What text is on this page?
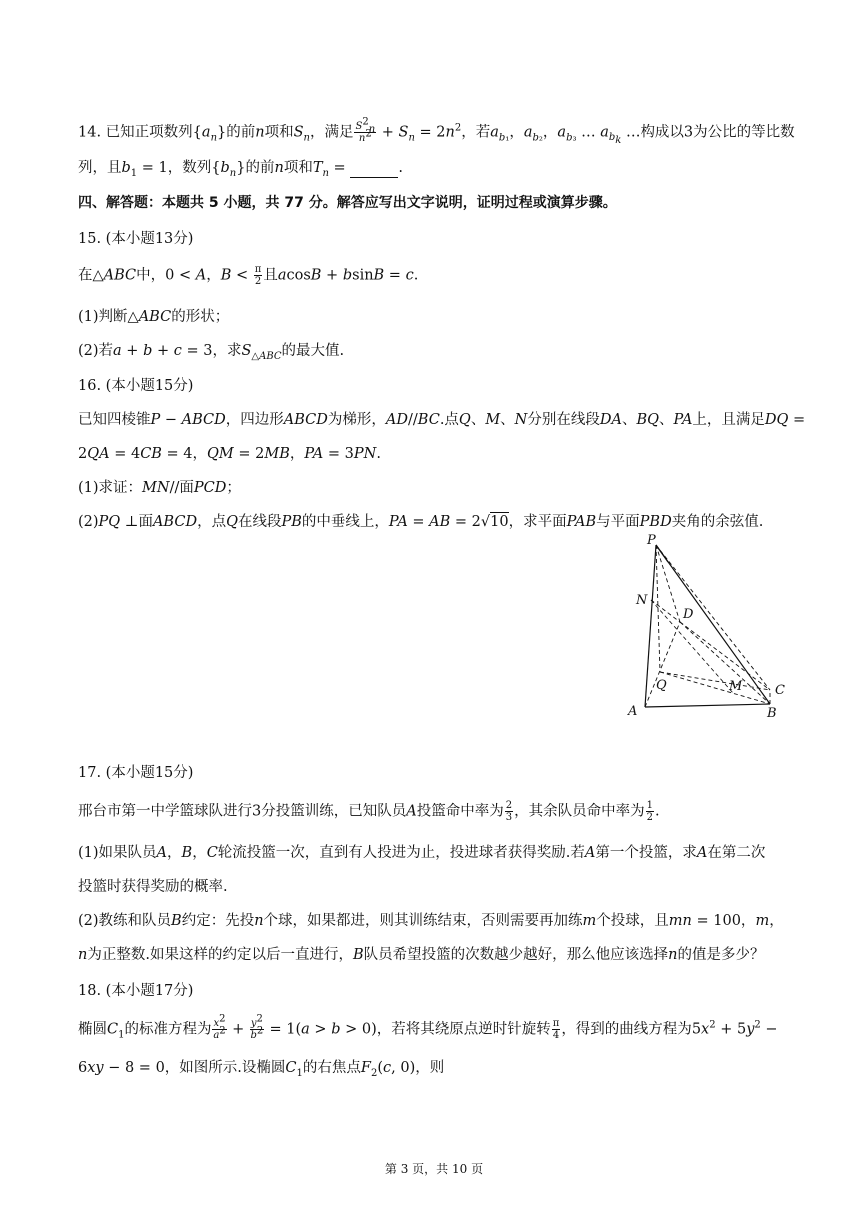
14. 已知正项数列$\{a_n\}$的前n项和$S_n$，满足 $\frac{S^2_n}{n^2} + S_n = 2n^2$，若$a_{b_1}$，$a_{b_2}$，$a_{b_3}$ … $a_{b_k}$ …构成以3为公比的等比数
列，且$b_1 = 1$，数列$\{b_n\}$的前n项和$T_n$ =	.
四、解答题：本题共 5 小题，共 77 分。解答应写出文字说明，证明过程或演算步骤。
15. (本小题13分)
在△ABC中，0 < A，$B < \frac{\pi}{2}$ 且acosB + bsinB = c.
(1)判断△ABC的形状；
(2)若a + b + c = 3，求$S_{\triangle ABC}$的最大值.
16. (本小题15分)
已知四棱锥P − ABCD，四边形ABCD为梯形，AD//BC.点Q、M、N分别在线段DA、BQ、PA上，且满足DQ =
2QA = 4CB = 4，QM = 2MB，PA = 3PN.
(1)求证：MN//面PCD；
(2)PQ ⊥面ABCD，点Q在线段PB的中垂线上，PA = AB = 2√10，求平面PAB与平面PBD夹角的余弦值.
P
N
D
Q	M	C
A	B
17. (本小题15分)
邢台市第一中学篮球队进行3分投篮训练，已知队员A投篮命中率为 $\frac{2}{3}$ ，其余队员命中率为 $\frac{1}{2}$ .
(1)如果队员A，B，C轮流投篮一次，直到有人投进为止，投进球者获得奖励.若A第一个投篮，求A在第二次
投篮时获得奖励的概率.
(2)教练和队员B约定：先投n个球，如果都进，则其训练结束，否则需要再加练m个投球，且mn = 100，m，
n为正整数.如果这样的约定以后一直进行，B队员希望投篮的次数越少越好，那么他应该选择n的值是多少？
18. (本小题17分)
椭圆$C_1$的标准方程为 $\frac{x^2}{a^2} + \frac{y^2}{b^2} = 1(a > b > 0)$，若将其绕原点逆时针旋转 $\frac{\pi}{4}$ ，得到的曲线方程为$5x^2 + 5y^2$ −
6xy − 8 = 0，如图所示.设椭圆$C_1$的右焦点$F_2(c$, 0)，则
第 3 页，共 10 页
